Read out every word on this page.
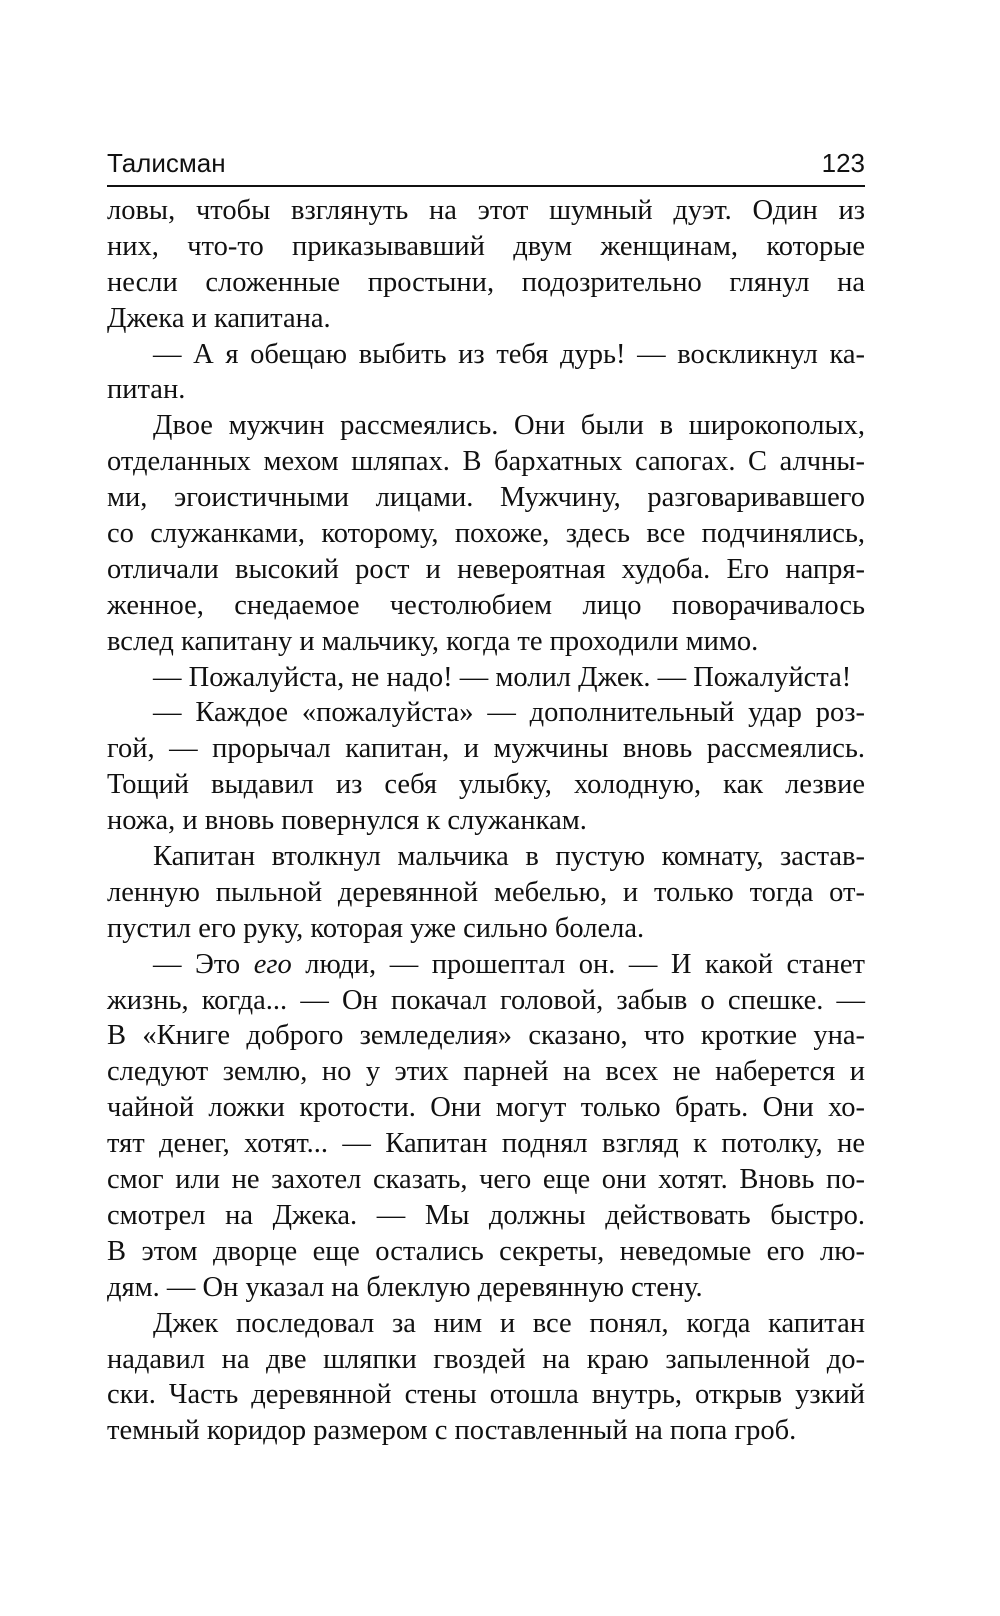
Талисман	123
ловы, чтобы взглянуть на этот шумный дуэт. Один из
них, что-то приказывавший двум женщинам, которые
несли сложенные простыни, подозрительно глянул на
Джека и капитана.
— А я обещаю выбить из тебя дурь! — воскликнул ка-
питан.
Двое мужчин рассмеялись. Они были в широкополых,
отделанных мехом шляпах. В бархатных сапогах. С алчны-
ми, эгоистичными лицами. Мужчину, разговаривавшего
со служанками, которому, похоже, здесь все подчинялись,
отличали высокий рост и невероятная худоба. Его напря-
женное, снедаемое честолюбием лицо поворачивалось
вслед капитану и мальчику, когда те проходили мимо.
— Пожалуйста, не надо! — молил Джек. — Пожалуйста!
— Каждое «пожалуйста» — дополнительный удар роз-
гой, — прорычал капитан, и мужчины вновь рассмеялись.
Тощий выдавил из себя улыбку, холодную, как лезвие
ножа, и вновь повернулся к служанкам.
Капитан втолкнул мальчика в пустую комнату, застав-
ленную пыльной деревянной мебелью, и только тогда от-
пустил его руку, которая уже сильно болела.
— Это его люди, — прошептал он. — И какой станет
жизнь, когда... — Он покачал головой, забыв о спешке. —
В «Книге доброго земледелия» сказано, что кроткие уна-
следуют землю, но у этих парней на всех не наберется и
чайной ложки кротости. Они могут только брать. Они хо-
тят денег, хотят... — Капитан поднял взгляд к потолку, не
смог или не захотел сказать, чего еще они хотят. Вновь по-
смотрел на Джека. — Мы должны действовать быстро.
В этом дворце еще остались секреты, неведомые его лю-
дям. — Он указал на блеклую деревянную стену.
Джек последовал за ним и все понял, когда капитан
надавил на две шляпки гвоздей на краю запыленной до-
ски. Часть деревянной стены отошла внутрь, открыв узкий
темный коридор размером с поставленный на попа гроб.
